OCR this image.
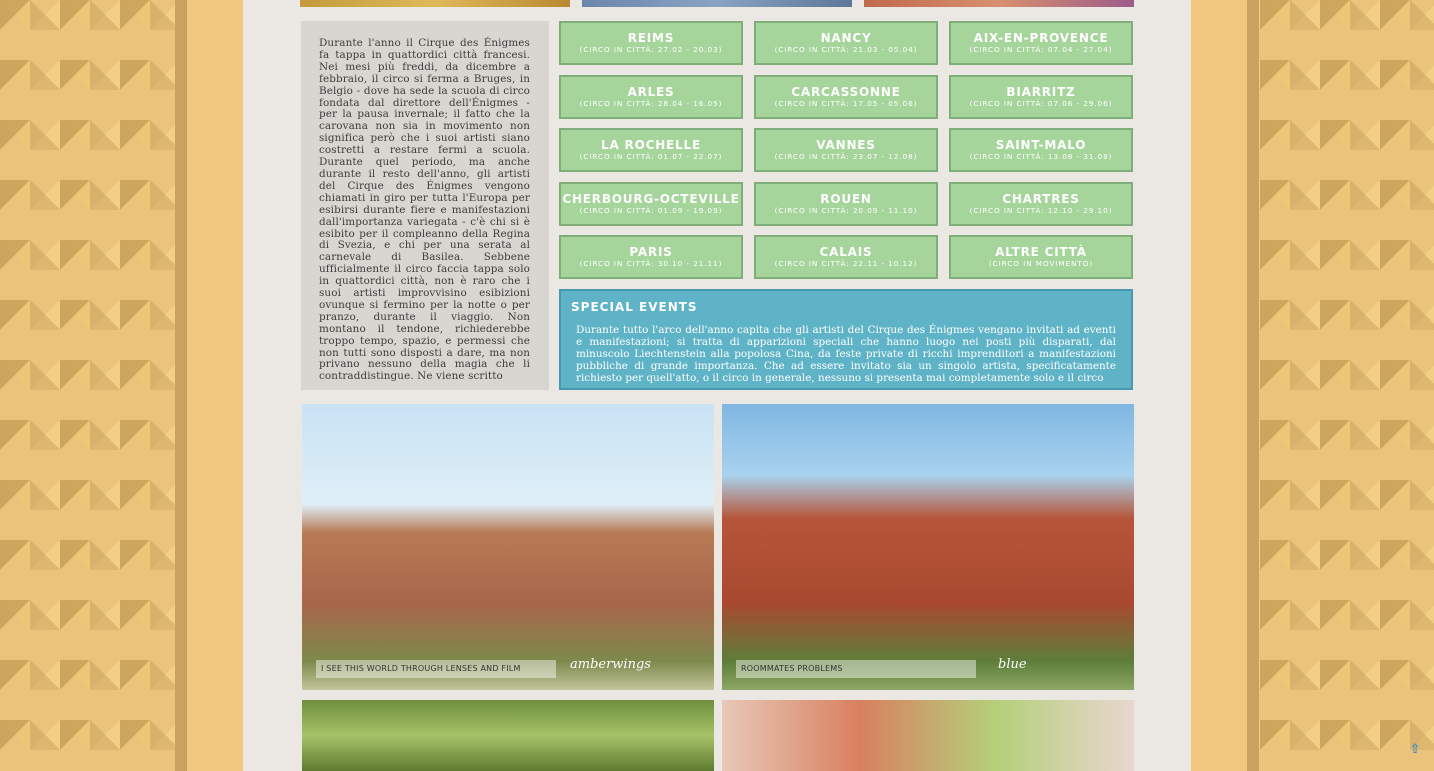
Durante l'anno il Cirque des Énigmes fa tappa in quattordici città francesi. Nei mesi più freddi, da dicembre a febbraio, il circo si ferma a Bruges, in Belgio - dove ha sede la scuola di circo fondata dal direttore dell'Énigmes - per la pausa invernale; il fatto che la carovana non sia in movimento non significa però che i suoi artisti siano costretti a restare fermi a scuola. Durante quel periodo, ma anche durante il resto dell'anno, gli artisti del Cirque des Énigmes vengono chiamati in giro per tutta l'Europa per esibirsi durante fiere e manifestazioni dall'importanza variegata - c'è chi si è esibito per il compleanno della Regina di Svezia, e chi per una serata al carnevale di Basilea. Sebbene ufficialmente il circo faccia tappa solo in quattordici città, non è raro che i suoi artisti improvvisino esibizioni ovunque si fermino per la notte o per pranzo, durante il viaggio. Non montano il tendone, richiederebbe troppo tempo, spazio, e permessi che non tutti sono disposti a dare, ma non privano nessuno della magia che li contraddistingue. Ne viene scritto

REIMS
(CIRCO IN CITTÀ: 27.02 - 20.03)
NANCY
(CIRCO IN CITTÀ: 21.03 - 05.04)
AIX-EN-PROVENCE
(CIRCO IN CITTÀ: 07.04 - 27.04)
ARLES
(CIRCO IN CITTÀ: 28.04 - 16.05)
CARCASSONNE
(CIRCO IN CITTÀ: 17.05 - 05.06)
BIARRITZ
(CIRCO IN CITTÀ: 07.06 - 29.06)
LA ROCHELLE
(CIRCO IN CITTÀ: 01.07 - 22.07)
VANNES
(CIRCO IN CITTÀ: 23.07 - 12.08)
SAINT-MALO
(CIRCO IN CITTÀ: 13.08 - 31.08)
CHERBOURG-OCTEVILLE
(CIRCO IN CITTÀ: 01.09 - 19.09)
ROUEN
(CIRCO IN CITTÀ: 20.09 - 11.10)
CHARTRES
(CIRCO IN CITTÀ: 12.10 - 29.10)
PARIS
(CIRCO IN CITTÀ: 30.10 - 21.11)
CALAIS
(CIRCO IN CITTÀ: 22.11 - 10.12)
ALTRE CITTÀ
(CIRCO IN MOVIMENTO)
SPECIAL EVENTS

Durante tutto l'arco dell'anno capita che gli artisti del Cirque des Énigmes vengano invitati ad eventi e manifestazioni; si tratta di apparizioni speciali che hanno luogo nei posti più disparati, dal minuscolo Liechtenstein alla popolosa Cina, da feste private di ricchi imprenditori a manifestazioni pubbliche di grande importanza. Che ad essere invitato sia un singolo artista, specificatamente richiesto per quell'atto, o il circo in generale, nessuno si presenta mai completamente solo e il circo

I SEE THIS WORLD THROUGH LENSES AND FILM	amberwings	ROOMMATES PROBLEMS	blue
⇧
